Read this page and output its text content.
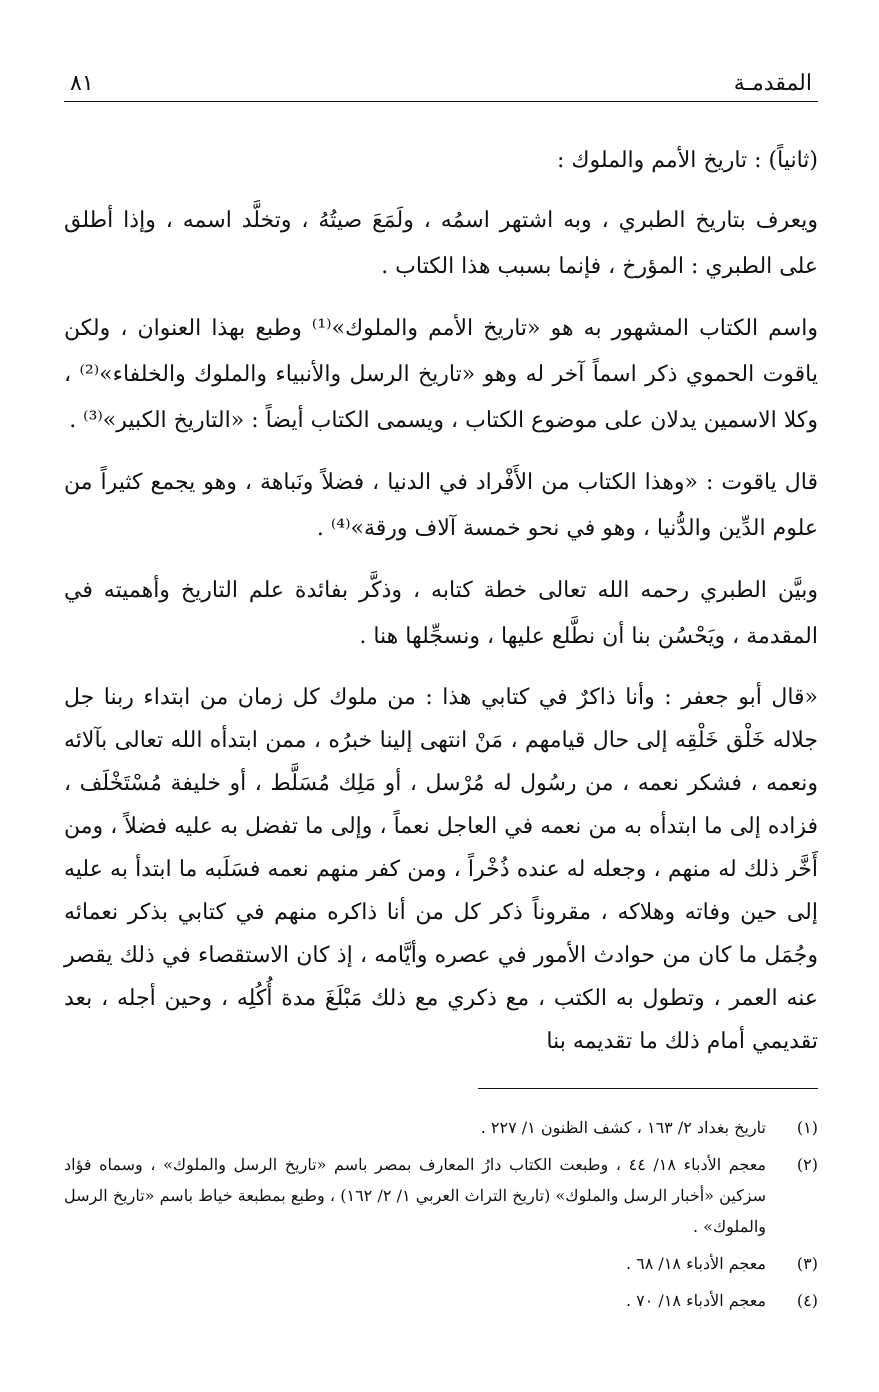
المقدمـة
٨١

(ثانياً) : تاريخ الأمم والملوك :

ويعرف بتاريخ الطبري ، وبه اشتهر اسمُه ، ولَمَعَ صيتُهُ ، وتخلَّد اسمه ، وإذا أطلق على الطبري : المؤرخ ، فإنما بسبب هذا الكتاب .

واسم الكتاب المشهور به هو «تاريخ الأمم والملوك»⁽¹⁾ وطبع بهذا العنوان ، ولكن ياقوت الحموي ذكر اسماً آخر له وهو «تاريخ الرسل والأنبياء والملوك والخلفاء»⁽²⁾ ، وكلا الاسمين يدلان على موضوع الكتاب ، ويسمى الكتاب أيضاً : «التاريخ الكبير»⁽³⁾ .

قال ياقوت : «وهذا الكتاب من الأَفْراد في الدنيا ، فضلاً ونَباهة ، وهو يجمع كثيراً من علوم الدِّين والدُّنيا ، وهو في نحو خمسة آلاف ورقة»⁽⁴⁾ .

وبيَّن الطبري رحمه الله تعالى خطة كتابه ، وذكَّر بفائدة علم التاريخ وأهميته في المقدمة ، ويَحْسُن بنا أن نطَّلع عليها ، ونسجِّلها هنا .

«قال أبو جعفر : وأنا ذاكرٌ في كتابي هذا : من ملوك كل زمان من ابتداء ربنا جل جلاله خَلْق خَلْقِه إلى حال قيامهم ، مَنْ انتهى إلينا خبرُه ، ممن ابتدأه الله تعالى بآلائه ونعمه ، فشكر نعمه ، من رسُول له مُرْسل ، أو مَلِك مُسَلَّط ، أو خليفة مُسْتَخْلَف ، فزاده إلى ما ابتدأه به من نعمه في العاجل نعماً ، وإلى ما تفضل به عليه فضلاً ، ومن أَخَّر ذلك له منهم ، وجعله له عنده ذُخْراً ، ومن كفر منهم نعمه فسَلَبه ما ابتدأ به عليه إلى حين وفاته وهلاكه ، مقروناً ذكر كل من أنا ذاكره منهم في كتابي بذكر نعمائه وجُمَل ما كان من حوادث الأمور في عصره وأيَّامه ، إذ كان الاستقصاء في ذلك يقصر عنه العمر ، وتطول به الكتب ، مع ذكري مع ذلك مَبْلَغَ مدة أُكُلِه ، وحين أجله ، بعد تقديمي أمام ذلك ما تقديمه بنا

(١)
تاريخ بغداد ٢/ ١٦٣ ، كشف الظنون ١/ ٢٢٧ .
(٢)
معجم الأدباء ١٨/ ٤٤ ، وطبعت الكتاب دارُ المعارف بمصر باسم «تاريخ الرسل والملوك» ، وسماه فؤاد سزكين «أخبار الرسل والملوك» (تاريخ التراث العربي ١/ ٢/ ١٦٢) ، وطبع بمطبعة خياط باسم «تاريخ الرسل والملوك» .
(٣)
معجم الأدباء ١٨/ ٦٨ .
(٤)
معجم الأدباء ١٨/ ٧٠ .
